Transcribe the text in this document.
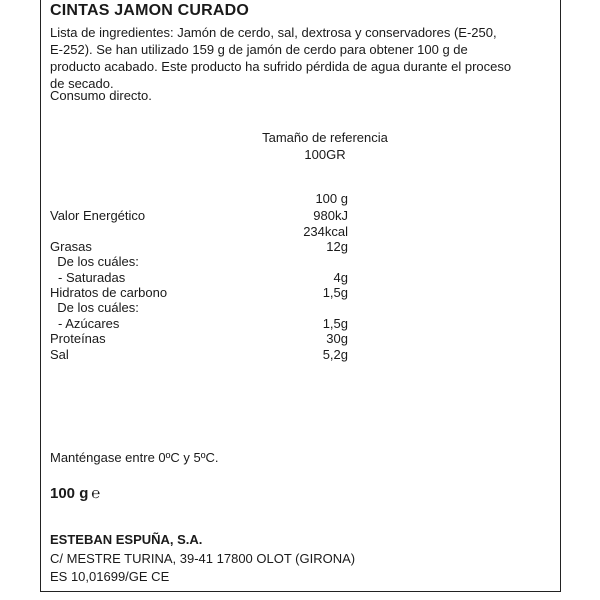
CINTAS JAMON CURADO
Lista de ingredientes: Jamón de cerdo, sal, dextrosa y conservadores (E-250,
E-252). Se han utilizado 159 g de jamón de cerdo para obtener 100 g de
producto acabado. Este producto ha sufrido pérdida de agua durante el proceso
de secado.
Consumo directo.
Tamaño de referencia
100GR
100 g
Valor Energético	980kJ
234kcal
Grasas	12g
De los cuáles:
- Saturadas	4g
Hidratos de carbono	1,5g
De los cuáles:
- Azúcares	1,5g
Proteínas	30g
Sal	5,2g
Manténgase entre 0ºC y 5ºC.
100 g ℮
ESTEBAN ESPUÑA, S.A.
C/ MESTRE TURINA, 39-41 17800 OLOT (GIRONA)
ES 10,01699/GE CE
